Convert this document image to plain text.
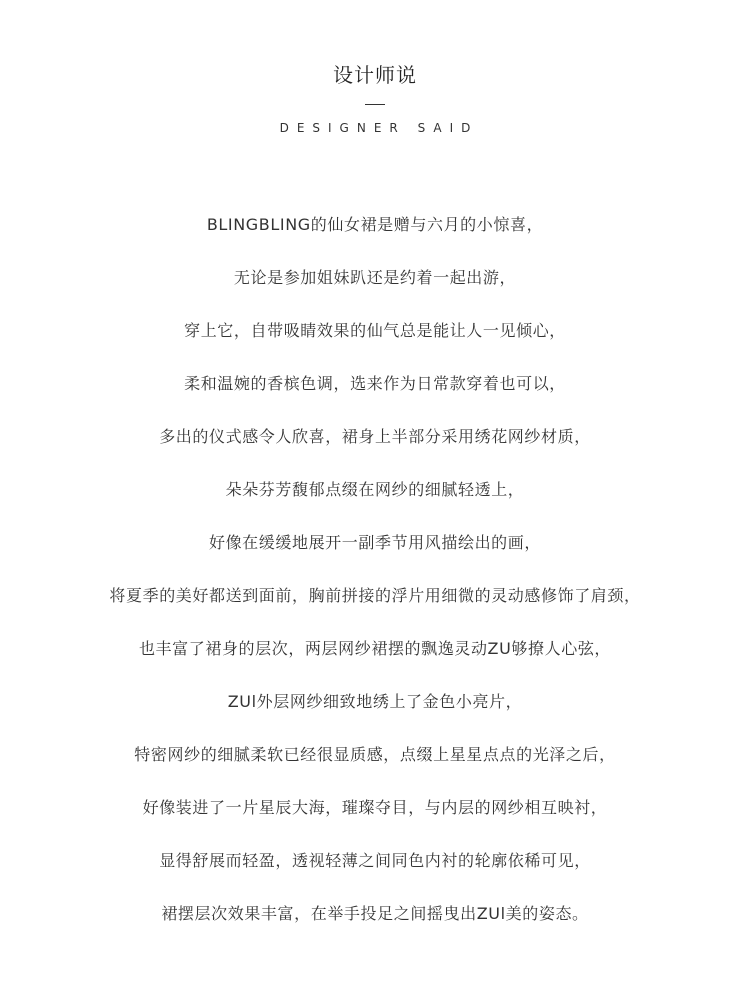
设计师说
DESIGNER SAID
BLINGBLING的仙女裙是赠与六月的小惊喜，
无论是参加姐妹趴还是约着一起出游，
穿上它，自带吸睛效果的仙气总是能让人一见倾心，
柔和温婉的香槟色调，选来作为日常款穿着也可以，
多出的仪式感令人欣喜，裙身上半部分采用绣花网纱材质，
朵朵芬芳馥郁点缀在网纱的细腻轻透上，
好像在缓缓地展开一副季节用风描绘出的画，
将夏季的美好都送到面前，胸前拼接的浮片用细微的灵动感修饰了肩颈，
也丰富了裙身的层次，两层网纱裙摆的飘逸灵动ZU够撩人心弦，
ZUl外层网纱细致地绣上了金色小亮片，
特密网纱的细腻柔软已经很显质感，点缀上星星点点的光泽之后，
好像装进了一片星辰大海，璀璨夺目，与内层的网纱相互映衬，
显得舒展而轻盈，透视轻薄之间同色内衬的轮廓依稀可见，
裙摆层次效果丰富，在举手投足之间摇曳出ZUl美的姿态。
